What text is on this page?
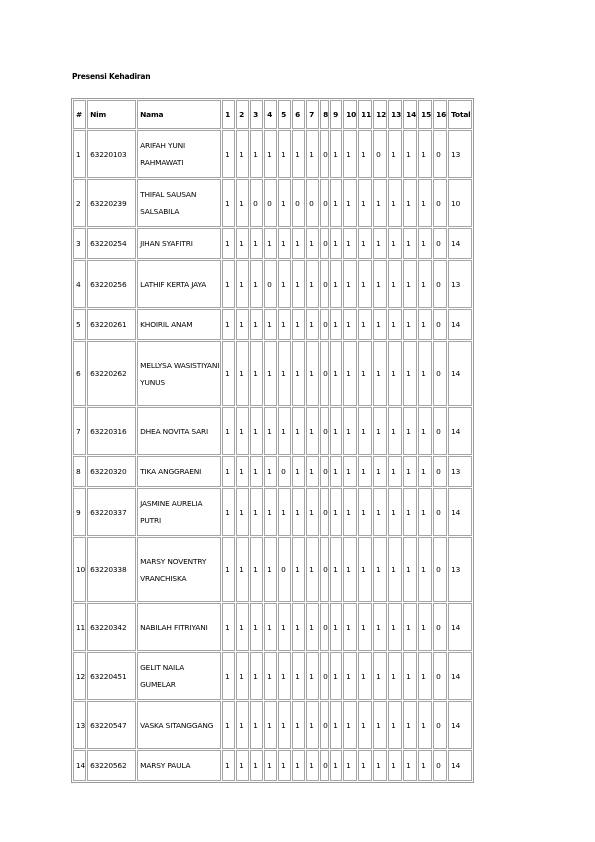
Presensi Kehadiran
#	Nim	Nama	1	2	3	4	5	6	7	8	9	10	11	12	13	14	15	16	Total
1	63220103	ARIFAH YUNI RAHMAWATI	1	1	1	1	1	1	1	0	1	1	1	0	1	1	1	0	13
2	63220239	THIFAL SAUSAN SALSABILA	1	1	0	0	1	0	0	0	1	1	1	1	1	1	1	0	10
3	63220254	JIHAN SYAFITRI	1	1	1	1	1	1	1	0	1	1	1	1	1	1	1	0	14
4	63220256	LATHIF KERTA JAYA	1	1	1	0	1	1	1	0	1	1	1	1	1	1	1	0	13
5	63220261	KHOIRIL ANAM	1	1	1	1	1	1	1	0	1	1	1	1	1	1	1	0	14
6	63220262	MELLYSA WASISTIYANI YUNUS	1	1	1	1	1	1	1	0	1	1	1	1	1	1	1	0	14
7	63220316	DHEA NOVITA SARI	1	1	1	1	1	1	1	0	1	1	1	1	1	1	1	0	14
8	63220320	TIKA ANGGRAENI	1	1	1	1	0	1	1	0	1	1	1	1	1	1	1	0	13
9	63220337	JASMINE AURELIA PUTRI	1	1	1	1	1	1	1	0	1	1	1	1	1	1	1	0	14
10	63220338	MARSY NOVENTRY VRANCHISKA	1	1	1	1	0	1	1	0	1	1	1	1	1	1	1	0	13
11	63220342	NABILAH FITRIYANI	1	1	1	1	1	1	1	0	1	1	1	1	1	1	1	0	14
12	63220451	GELIT NAILA GUMELAR	1	1	1	1	1	1	1	0	1	1	1	1	1	1	1	0	14
13	63220547	VASKA SITANGGANG	1	1	1	1	1	1	1	0	1	1	1	1	1	1	1	0	14
14	63220562	MARSY PAULA	1	1	1	1	1	1	1	0	1	1	1	1	1	1	1	0	14
